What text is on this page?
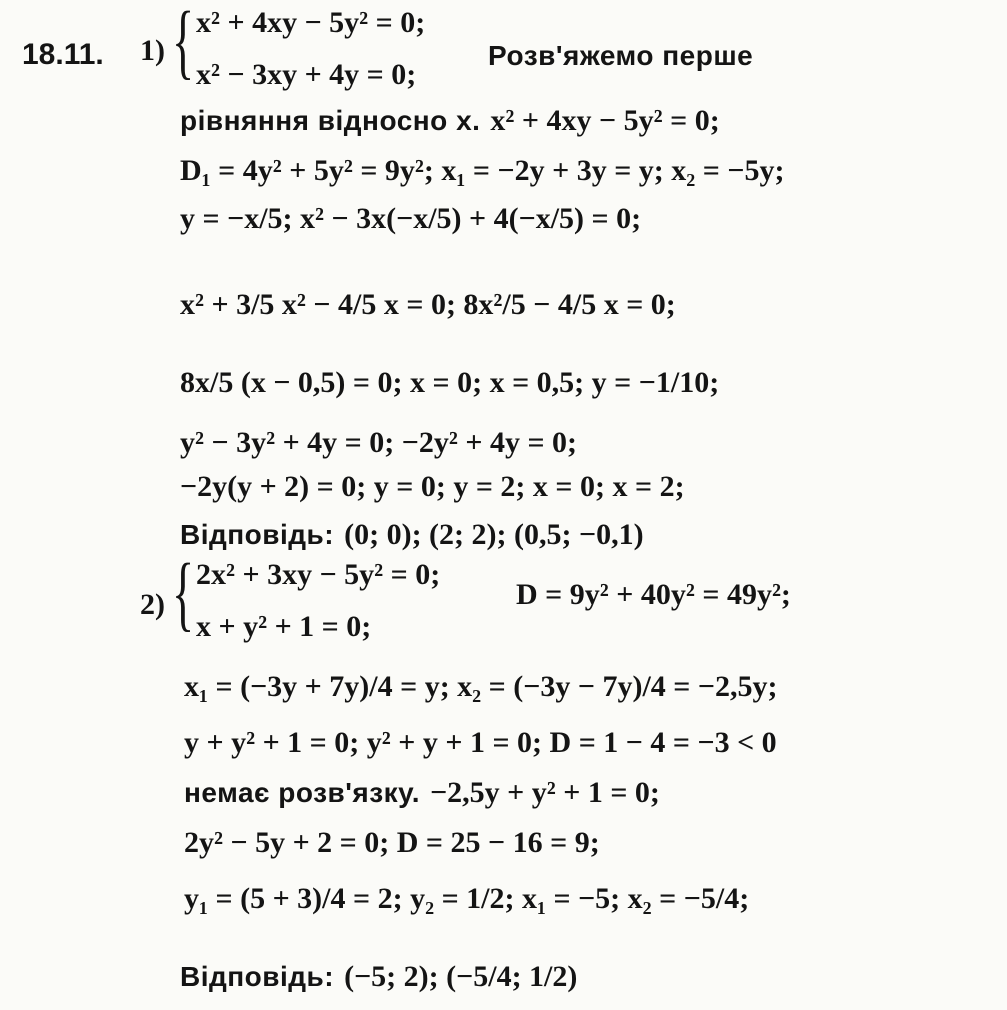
18.11. 1) { x² + 4xy − 5y² = 0;
x² − 3xy + 4y = 0;
Розв'яжемо перше
рівняння відносно x. x² + 4xy − 5y² = 0;
D₁ = 4y² + 5y² = 9y²; x₁ = −2y + 3y = y; x₂ = −5y;
y = −x/5; x² − 3x(−x/5) + 4(−x/5) = 0;
x² + 3/5 x² − 4/5 x = 0; 8x²/5 − 4/5 x = 0;
8x/5 (x − 0,5) = 0; x = 0; x = 0,5; y = −1/10;
y² − 3y² + 4y = 0; −2y² + 4y = 0;
−2y(y + 2) = 0; y = 0; y = 2; x = 0; x = 2;
Відповідь: (0; 0); (2; 2); (0,5; −0,1)
2) { 2x² + 3xy − 5y² = 0;
x + y² + 1 = 0;
D = 9y² + 40y² = 49y²;
x₁ = (−3y + 7y)/4 = y; x₂ = (−3y − 7y)/4 = −2,5y;
y + y² + 1 = 0; y² + y + 1 = 0; D = 1 − 4 = −3 < 0
немає розв'язку. −2,5y + y² + 1 = 0;
2y² − 5y + 2 = 0; D = 25 − 16 = 9;
y₁ = (5 + 3)/4 = 2; y₂ = 1/2; x₁ = −5; x₂ = −5/4;
Відповідь: (−5; 2); (−5/4; 1/2)
